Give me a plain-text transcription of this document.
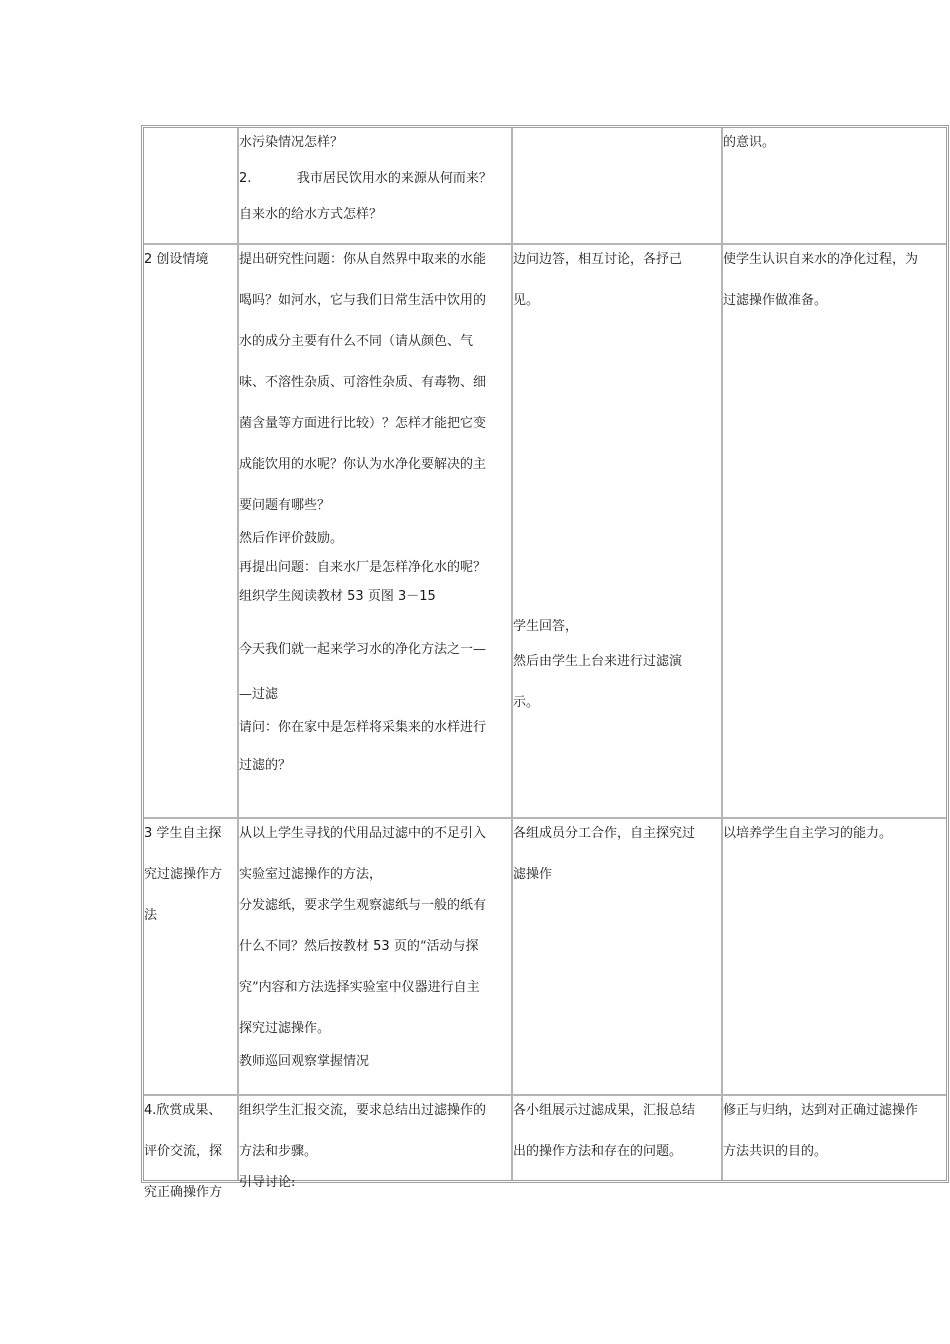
水污染情况怎样？
2.           我市居民饮用水的来源从何而来？
自来水的给水方式怎样？
的意识。
2 创设情境	提出研究性问题：你从自然界中取来的水能
喝吗？如河水，它与我们日常生活中饮用的
水的成分主要有什么不同（请从颜色、气
味、不溶性杂质、可溶性杂质、有毒物、细
菌含量等方面进行比较）？怎样才能把它变
成能饮用的水呢？你认为水净化要解决的主
要问题有哪些？
然后作评价鼓励。
再提出问题：自来水厂是怎样净化水的呢？
组织学生阅读教材 53 页图 3－15
今天我们就一起来学习水的净化方法之一—
—过滤
请问：你在家中是怎样将采集来的水样进行
过滤的？
边问边答，相互讨论，各抒己
见。
学生回答，
然后由学生上台来进行过滤演
示。
使学生认识自来水的净化过程，为
过滤操作做准备。
3 学生自主探
究过滤操作方
法
从以上学生寻找的代用品过滤中的不足引入
实验室过滤操作的方法，
分发滤纸，要求学生观察滤纸与一般的纸有
什么不同？然后按教材 53 页的“活动与探
究”内容和方法选择实验室中仪器进行自主
探究过滤操作。
教师巡回观察掌握情况
各组成员分工合作，自主探究过
滤操作
以培养学生自主学习的能力。
4.欣赏成果、
评价交流，探
究正确操作方
组织学生汇报交流，要求总结出过滤操作的
方法和步骤。
引导讨论:
各小组展示过滤成果，汇报总结
出的操作方法和存在的问题。
修正与归纳，达到对正确过滤操作
方法共识的目的。
